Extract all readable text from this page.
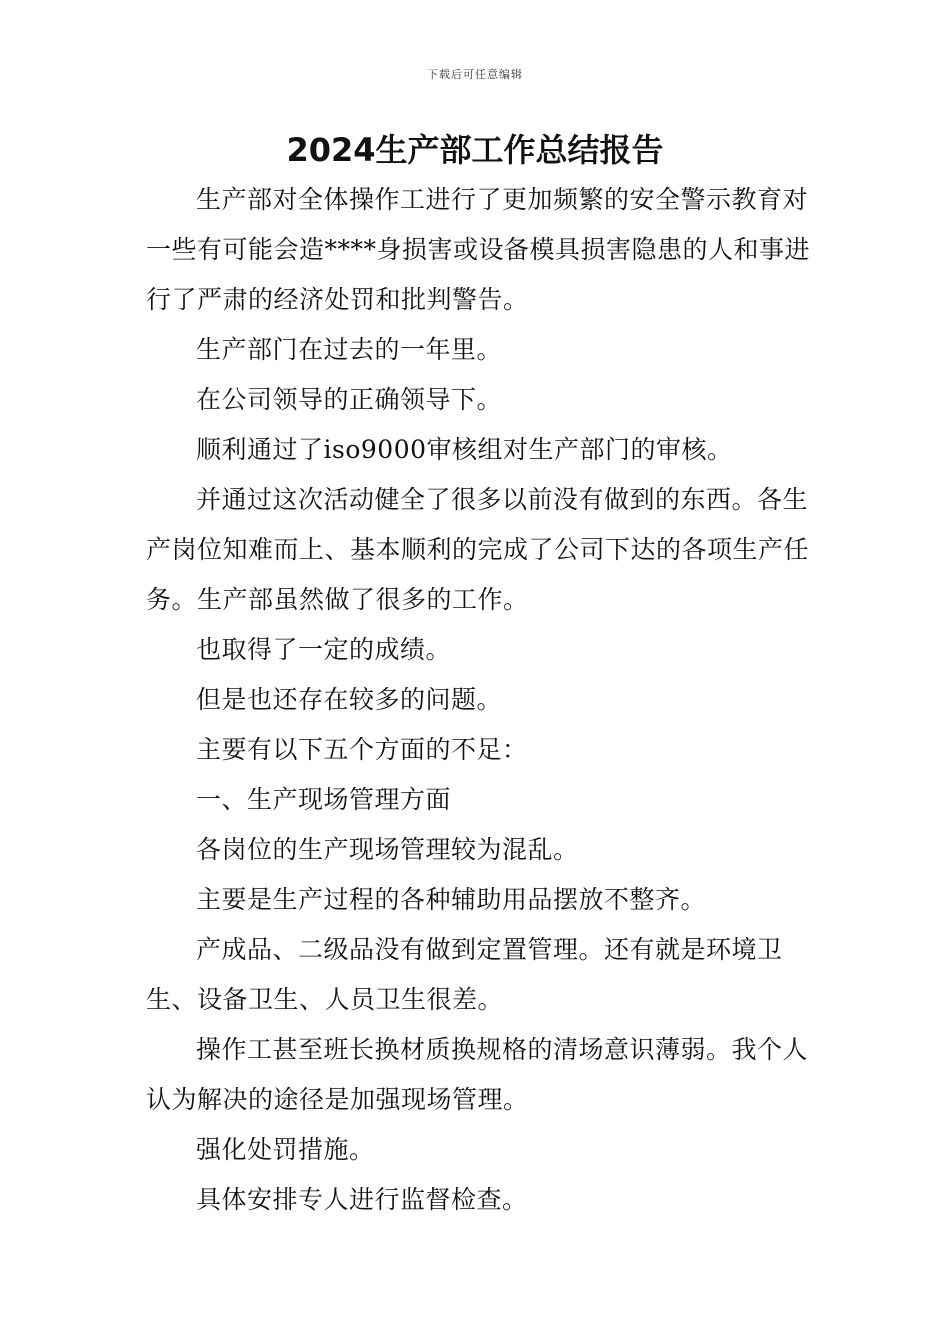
下载后可任意编辑
2024生产部工作总结报告

生产部对全体操作工进行了更加频繁的安全警示教育对一些有可能会造****身损害或设备模具损害隐患的人和事进行了严肃的经济处罚和批判警告。

生产部门在过去的一年里。

在公司领导的正确领导下。

顺利通过了iso9000审核组对生产部门的审核。

并通过这次活动健全了很多以前没有做到的东西。各生产岗位知难而上、基本顺利的完成了公司下达的各项生产任务。生产部虽然做了很多的工作。

也取得了一定的成绩。

但是也还存在较多的问题。

主要有以下五个方面的不足：

一、生产现场管理方面

各岗位的生产现场管理较为混乱。

主要是生产过程的各种辅助用品摆放不整齐。

产成品、二级品没有做到定置管理。还有就是环境卫生、设备卫生、人员卫生很差。

操作工甚至班长换材质换规格的清场意识薄弱。我个人认为解决的途径是加强现场管理。

强化处罚措施。

具体安排专人进行监督检查。
